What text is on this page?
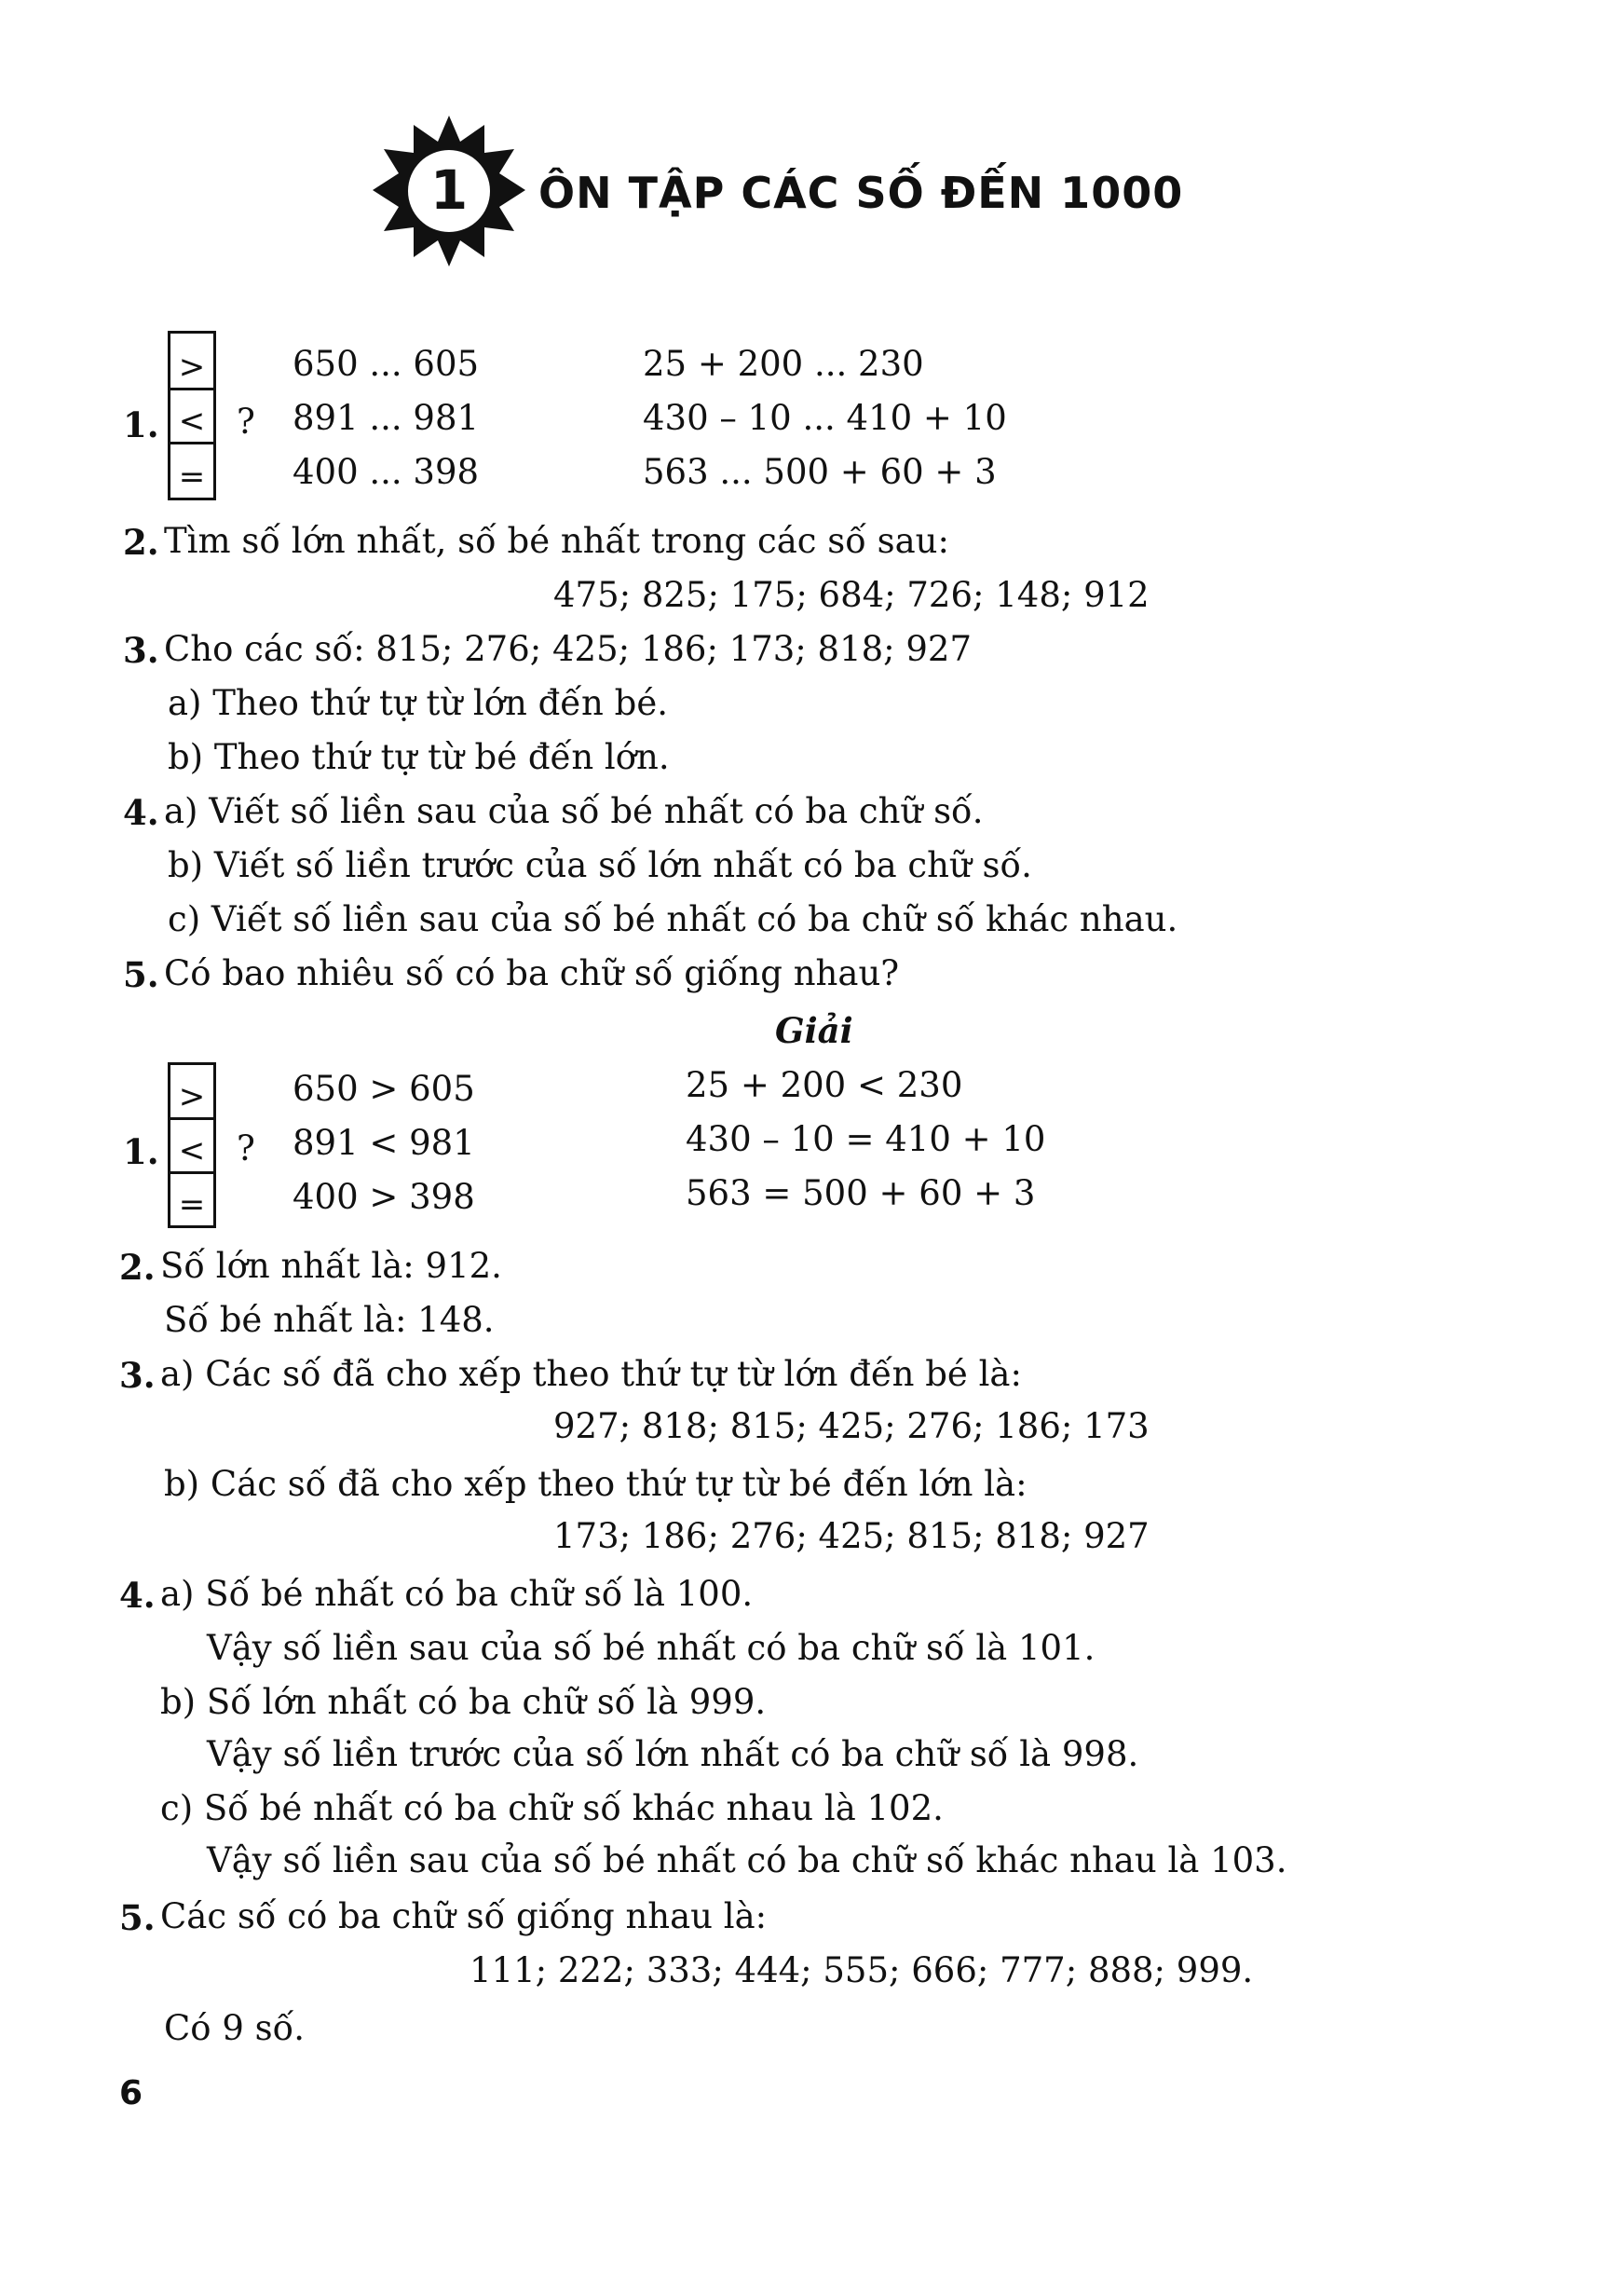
1 ÔN TẬP CÁC SỐ ĐẾN 1000
1.
>
<
=
?
650 ... 605
891 ... 981
400 ... 398
25 + 200 ... 230
430 – 10 ... 410 + 10
563 ... 500 + 60 + 3
2. Tìm số lớn nhất, số bé nhất trong các số sau:
475; 825; 175; 684; 726; 148; 912
3. Cho các số: 815; 276; 425; 186; 173; 818; 927
a) Theo thứ tự từ lớn đến bé.
b) Theo thứ tự từ bé đến lớn.
4. a) Viết số liền sau của số bé nhất có ba chữ số.
b) Viết số liền trước của số lớn nhất có ba chữ số.
c) Viết số liền sau của số bé nhất có ba chữ số khác nhau.
5. Có bao nhiêu số có ba chữ số giống nhau?
Giải
1.
>
<
=
?
650 > 605
891 < 981
400 > 398
25 + 200 < 230
430 – 10 = 410 + 10
563 = 500 + 60 + 3
2. Số lớn nhất là: 912.
Số bé nhất là: 148.
3. a) Các số đã cho xếp theo thứ tự từ lớn đến bé là:
927; 818; 815; 425; 276; 186; 173
b) Các số đã cho xếp theo thứ tự từ bé đến lớn là:
173; 186; 276; 425; 815; 818; 927
4. a) Số bé nhất có ba chữ số là 100.
Vậy số liền sau của số bé nhất có ba chữ số là 101.
b) Số lớn nhất có ba chữ số là 999.
Vậy số liền trước của số lớn nhất có ba chữ số là 998.
c) Số bé nhất có ba chữ số khác nhau là 102.
Vậy số liền sau của số bé nhất có ba chữ số khác nhau là 103.
5. Các số có ba chữ số giống nhau là:
111; 222; 333; 444; 555; 666; 777; 888; 999.
Có 9 số.
6
